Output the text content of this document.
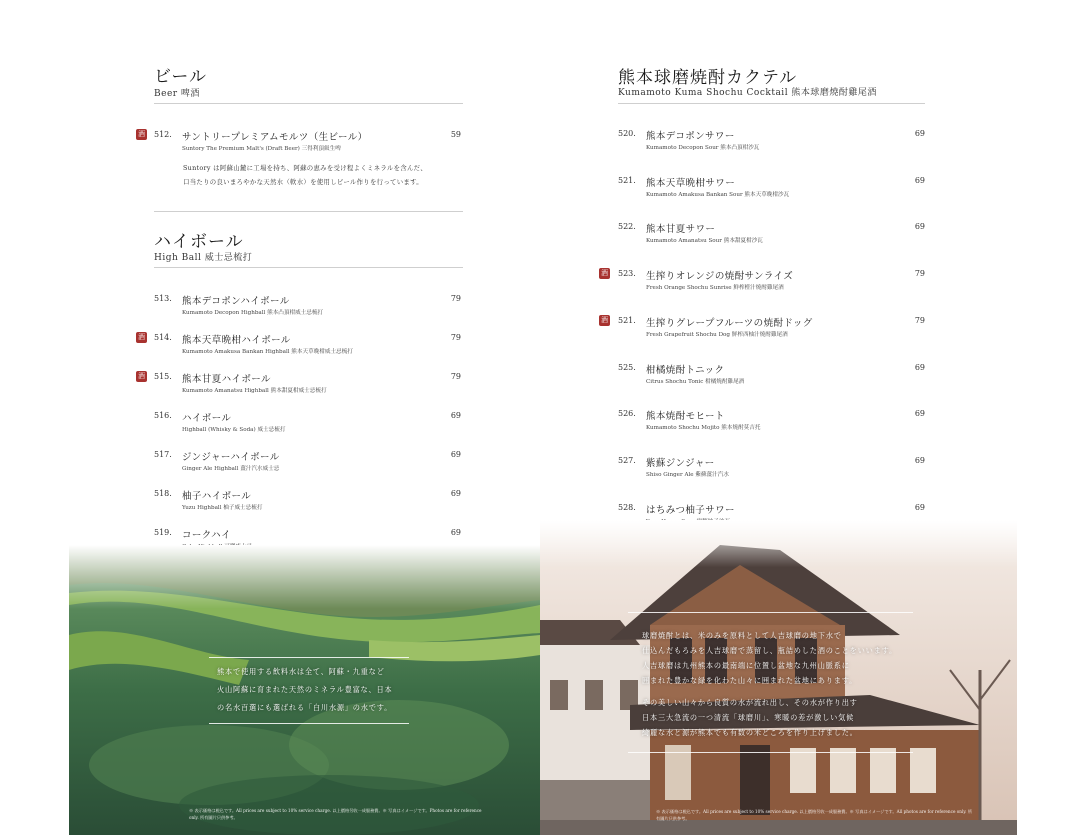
ビール
Beer 啤酒
512. サントリープレミアムモルツ（生ビール）
Suntory The Premium Malt's (Draft Beer) 三得利頂級生啤
59
酒
Suntory は阿蘇山麓に工場を持ち、阿蘇の恵みを受け程よくミネラルを含んだ、
口当たりの良いまろやかな天然水（軟水）を使用しビール作りを行っています。
ハイボール
High Ball 威士忌梳打
513. 熊本デコポンハイボール
Kumamoto Decopon Highball 熊本凸頂柑威士忌梳打
79
514. 熊本天草晩柑ハイボール
Kumamoto Amakusa Bankan Highball 熊本天草晚柑威士忌梳打
79
酒
515. 熊本甘夏ハイボール
Kumamoto Amanatsu Highball 熊本甜夏柑威士忌梳打
79
酒
516. ハイボール
Highball (Whisky & Soda) 威士忌梳打
69
517. ジンジャーハイボール
Ginger Ale Highball 薑汁汽水威士忌
69
518. 柚子ハイボール
Yuzu Highball 柚子威士忌梳打
69
519. コークハイ	69
熊本で使用する飲料水は全て、阿蘇・九重など
火山阿蘇に育まれた天然のミネラル豊富な、日本
の名水百選にも選ばれる「白川水源」の水です。
※ 表示価格は税込です。All prices are subject to 10% service charge. 以上價格另收一成服務費。※ 写真はイメージです。Photos are for reference only. 所有圖片只供參考。
熊本球磨焼酎カクテル
Kumamoto Kuma Shochu Cocktail 熊本球磨燒酎雞尾酒
520. 熊本デコポンサワー
Kumamoto Decopon Sour 熊本凸頂柑沙瓦
69
521. 熊本天草晩柑サワー
Kumamoto Amakusa Bankan Sour 熊本天草晚柑沙瓦
69
522. 熊本甘夏サワー
Kumamoto Amanatsu Sour 熊本甜夏柑沙瓦
69
523. 生搾りオレンジの焼酎サンライズ
Fresh Orange Shochu Sunrise 鮮榨橙汁燒酎雞尾酒
79
酒
521. 生搾りグレープフルーツの焼酎ドッグ
Fresh Grapefruit Shochu Dog 鮮榨西柚汁燒酎雞尾酒
79
酒
525. 柑橘焼酎トニック
Citrus Shochu Tonic 柑橘燒酎雞尾酒
69
526. 熊本焼酎モヒート
Kumamoto Shochu Mojito 熊本燒酎莫吉托
69
527. 紫蘇ジンジャー
Shiso Ginger Ale 紫蘇薑汁汽水
69
528. はちみつ柚子サワー	69
球磨焼酎とは、米のみを原料として人吉球磨の地下水で
仕込んだもろみを人吉球磨で蒸留し、瓶詰めした酒のことをいいます。
人吉球磨は九州熊本の最南端に位置し盆地な九州山脈系に
囲まれた豊かな緑を化わた山々に囲まれた盆地にあります。
その美しい山々から良質の水が流れ出し、その水が作り出す
日本三大急流の一つ清流「球磨川」、寒暖の差が激しい気候
綺麗な水と源が熊本でも有数の米どころを作り上げました。
※ 表示価格は税込です。All prices are subject to 10% service charge. 以上價格另收一成服務費。※ 写真はイメージです。All photos are for reference only. 所有圖片只供參考。
